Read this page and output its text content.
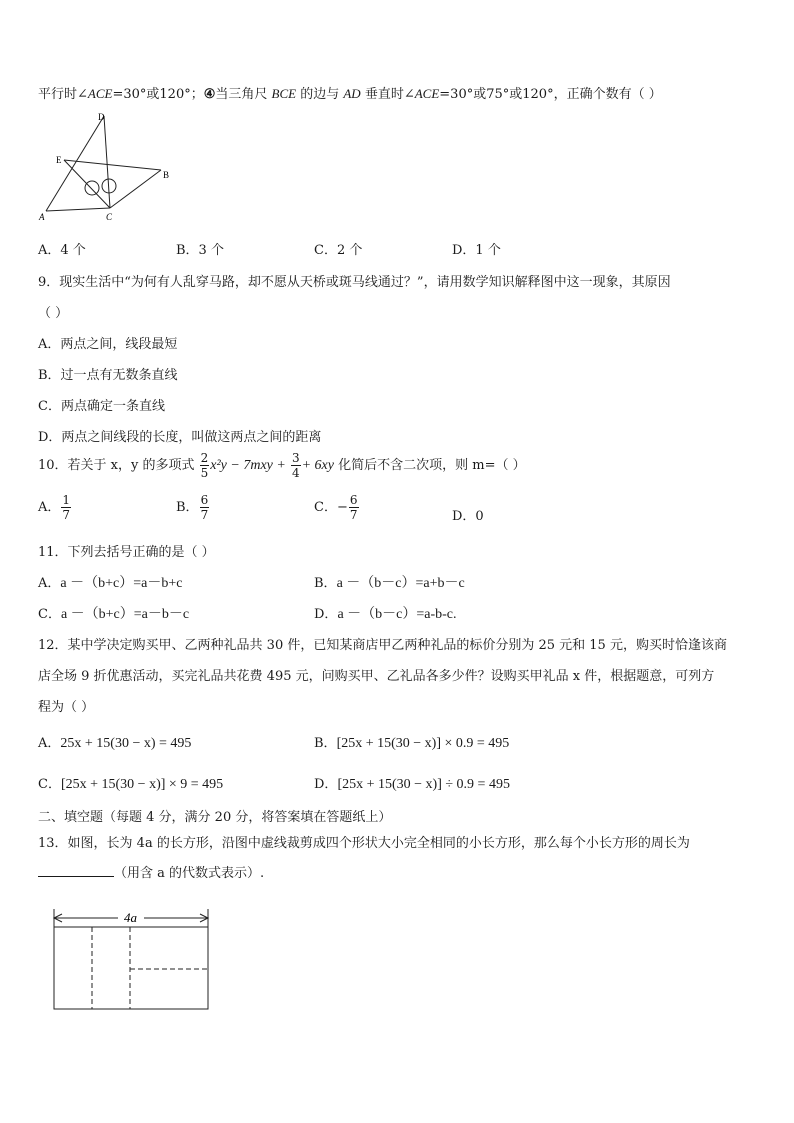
平行时∠ACE=30°或120°；④当三角尺 BCE 的边与 AD 垂直时∠ACE=30°或75°或120°，正确个数有（ ）
D
E
B
A	C
A．4 个	B．3 个	C．2 个	D．1 个
9．现实生活中“为何有人乱穿马路，却不愿从天桥或斑马线通过？”，请用数学知识解释图中这一现象，其原因
（ ）
A．两点之间，线段最短
B．过一点有无数条直线
C．两点确定一条直线
D．两点之间线段的长度，叫做这两点之间的距离
10．若关于 x，y 的多项式 $\frac{2}{5} x^2y - 7mxy + \frac{3}{4} + 6xy$ 化简后不含二次项，则 m=（ ）
A． $\frac{1}{7}$	B． $\frac{6}{7}$	C．− $\frac{6}{7}$	D．0
11．下列去括号正确的是（ ）
A．a －（b+c）=a－b+c	B．a －（b－c）=a+b－c
C．a －（b+c）=a－b－c	D．a －（b－c）=a-b-c.
12．某中学决定购买甲、乙两种礼品共 30 件，已知某商店甲乙两种礼品的标价分别为 25 元和 15 元，购买时恰逢该商
店全场 9 折优惠活动，买完礼品共花费 495 元，问购买甲、乙礼品各多少件？设购买甲礼品 x 件，根据题意，可列方
程为（ ）
A．25x + 15(30 − x) = 495	B．[25x + 15(30 − x)] × 0.9 = 495
C．[25x + 15(30 − x)] × 9 = 495	D．[25x + 15(30 − x)] ÷ 0.9 = 495
二、填空题（每题 4 分，满分 20 分，将答案填在答题纸上）
13．如图，长为 4a 的长方形，沿图中虚线裁剪成四个形状大小完全相同的小长方形，那么每个小长方形的周长为
（用含 a 的代数式表示）.
4a
